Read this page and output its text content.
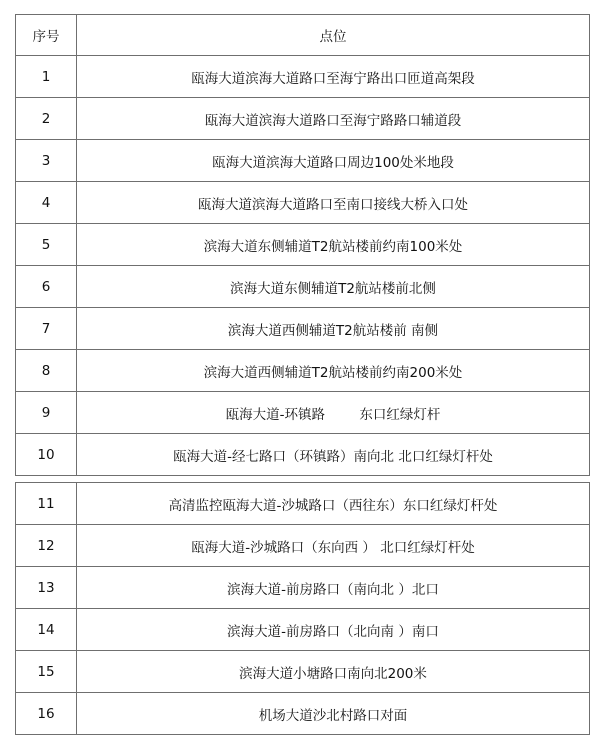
序号	点位
1	瓯海大道滨海大道路口至海宁路出口匝道高架段
2	瓯海大道滨海大道路口至海宁路路口辅道段
3	瓯海大道滨海大道路口周边100处米地段
4	瓯海大道滨海大道路口至南口接线大桥入口处
5	滨海大道东侧辅道T2航站楼前约南100米处
6	滨海大道东侧辅道T2航站楼前北侧
7	滨海大道西侧辅道T2航站楼前 南侧
8	滨海大道西侧辅道T2航站楼前约南200米处
9	瓯海大道-环镇路        东口红绿灯杆
10	瓯海大道-经七路口（环镇路）南向北 北口红绿灯杆处
11	高清监控瓯海大道-沙城路口（西往东）东口红绿灯杆处
12	瓯海大道-沙城路口（东向西 ） 北口红绿灯杆处
13	滨海大道-前房路口（南向北 ）北口
14	滨海大道-前房路口（北向南 ）南口
15	滨海大道小塘路口南向北200米
16	机场大道沙北村路口对面
